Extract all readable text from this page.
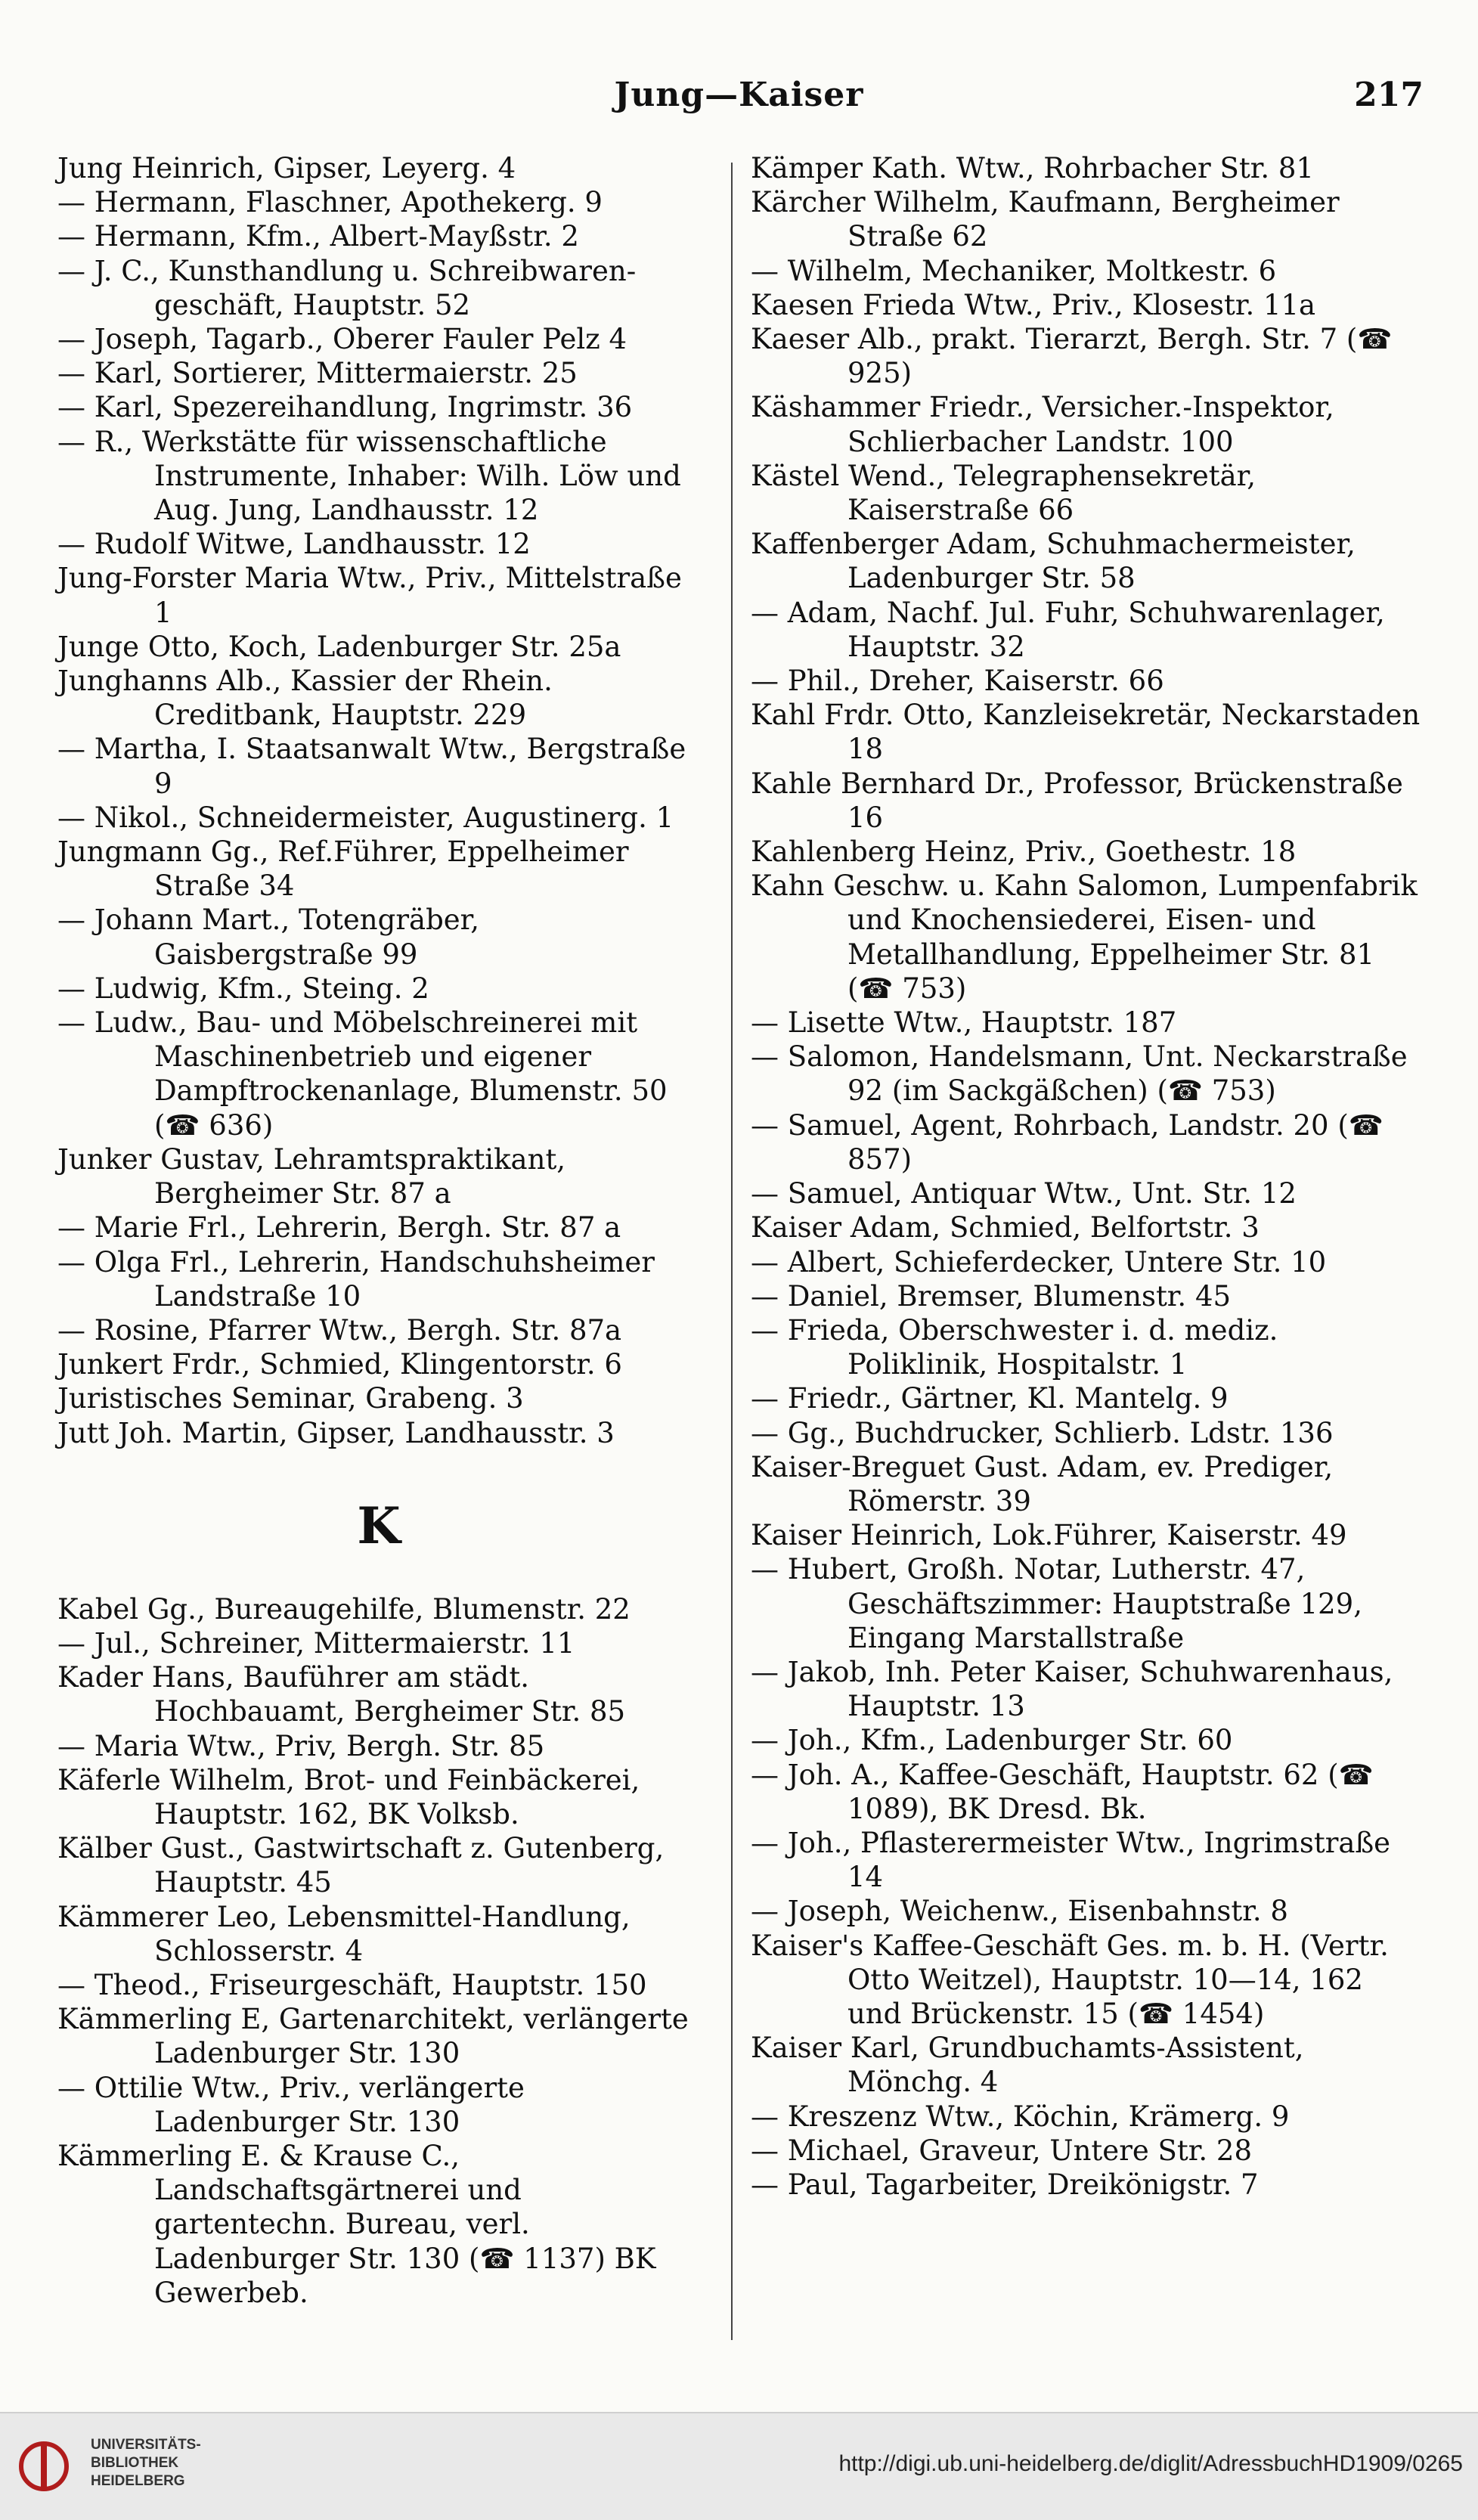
Jung—Kaiser	217

Jung Heinrich, Gipser, Leyerg. 4

— Hermann, Flaschner, Apothekerg. 9

— Hermann, Kfm., Albert-Mayßstr. 2

— J. C., Kunsthandlung u. Schreibwaren-geschäft, Hauptstr. 52

— Joseph, Tagarb., Oberer Fauler Pelz 4

— Karl, Sortierer, Mittermaierstr. 25

— Karl, Spezereihandlung, Ingrimstr. 36

— R., Werkstätte für wissenschaftliche Instrumente, Inhaber: Wilh. Löw und Aug. Jung, Landhausstr. 12

— Rudolf Witwe, Landhausstr. 12

Jung-Forster Maria Wtw., Priv., Mittelstraße 1

Junge Otto, Koch, Ladenburger Str. 25a

Junghanns Alb., Kassier der Rhein. Creditbank, Hauptstr. 229

— Martha, I. Staatsanwalt Wtw., Bergstraße 9

— Nikol., Schneidermeister, Augustinerg. 1

Jungmann Gg., Ref.Führer, Eppelheimer Straße 34

— Johann Mart., Totengräber, Gaisbergstraße 99

— Ludwig, Kfm., Steing. 2

— Ludw., Bau- und Möbelschreinerei mit Maschinenbetrieb und eigener Dampftrockenanlage, Blumenstr. 50 (☎ 636)

Junker Gustav, Lehramtspraktikant, Bergheimer Str. 87 a

— Marie Frl., Lehrerin, Bergh. Str. 87 a

— Olga Frl., Lehrerin, Handschuhsheimer Landstraße 10

— Rosine, Pfarrer Wtw., Bergh. Str. 87a

Junkert Frdr., Schmied, Klingentorstr. 6

Juristisches Seminar, Grabeng. 3

Jutt Joh. Martin, Gipser, Landhausstr. 3

K

Kabel Gg., Bureaugehilfe, Blumenstr. 22

— Jul., Schreiner, Mittermaierstr. 11

Kader Hans, Bauführer am städt. Hochbauamt, Bergheimer Str. 85

— Maria Wtw., Priv, Bergh. Str. 85

Käferle Wilhelm, Brot- und Feinbäckerei, Hauptstr. 162, BK Volksb.

Kälber Gust., Gastwirtschaft z. Gutenberg, Hauptstr. 45

Kämmerer Leo, Lebensmittel-Handlung, Schlosserstr. 4

— Theod., Friseurgeschäft, Hauptstr. 150

Kämmerling E, Gartenarchitekt, verlängerte Ladenburger Str. 130

— Ottilie Wtw., Priv., verlängerte Ladenburger Str. 130

Kämmerling E. & Krause C., Landschaftsgärtnerei und gartentechn. Bureau, verl. Ladenburger Str. 130 (☎ 1137) BK Gewerbeb.

Kämper Kath. Wtw., Rohrbacher Str. 81

Kärcher Wilhelm, Kaufmann, Bergheimer Straße 62

— Wilhelm, Mechaniker, Moltkestr. 6

Kaesen Frieda Wtw., Priv., Klosestr. 11a

Kaeser Alb., prakt. Tierarzt, Bergh. Str. 7 (☎ 925)

Käshammer Friedr., Versicher.-Inspektor, Schlierbacher Landstr. 100

Kästel Wend., Telegraphensekretär, Kaiserstraße 66

Kaffenberger Adam, Schuhmachermeister, Ladenburger Str. 58

— Adam, Nachf. Jul. Fuhr, Schuhwarenlager, Hauptstr. 32

— Phil., Dreher, Kaiserstr. 66

Kahl Frdr. Otto, Kanzleisekretär, Neckarstaden 18

Kahle Bernhard Dr., Professor, Brückenstraße 16

Kahlenberg Heinz, Priv., Goethestr. 18

Kahn Geschw. u. Kahn Salomon, Lumpenfabrik und Knochensiederei, Eisen- und Metallhandlung, Eppelheimer Str. 81 (☎ 753)

— Lisette Wtw., Hauptstr. 187

— Salomon, Handelsmann, Unt. Neckarstraße 92 (im Sackgäßchen) (☎ 753)

— Samuel, Agent, Rohrbach, Landstr. 20 (☎ 857)

— Samuel, Antiquar Wtw., Unt. Str. 12

Kaiser Adam, Schmied, Belfortstr. 3

— Albert, Schieferdecker, Untere Str. 10

— Daniel, Bremser, Blumenstr. 45

— Frieda, Oberschwester i. d. mediz. Poliklinik, Hospitalstr. 1

— Friedr., Gärtner, Kl. Mantelg. 9

— Gg., Buchdrucker, Schlierb. Ldstr. 136

Kaiser-Breguet Gust. Adam, ev. Prediger, Römerstr. 39

Kaiser Heinrich, Lok.Führer, Kaiserstr. 49

— Hubert, Großh. Notar, Lutherstr. 47, Geschäftszimmer: Hauptstraße 129, Eingang Marstallstraße

— Jakob, Inh. Peter Kaiser, Schuhwarenhaus, Hauptstr. 13

— Joh., Kfm., Ladenburger Str. 60

— Joh. A., Kaffee-Geschäft, Hauptstr. 62 (☎ 1089), BK Dresd. Bk.

— Joh., Pflasterermeister Wtw., Ingrimstraße 14

— Joseph, Weichenw., Eisenbahnstr. 8

Kaiser's Kaffee-Geschäft Ges. m. b. H. (Vertr. Otto Weitzel), Hauptstr. 10—14, 162 und Brückenstr. 15 (☎ 1454)

Kaiser Karl, Grundbuchamts-Assistent, Mönchg. 4

— Kreszenz Wtw., Köchin, Krämerg. 9

— Michael, Graveur, Untere Str. 28

— Paul, Tagarbeiter, Dreikönigstr. 7

UNIVERSITÄTS-
BIBLIOTHEK
HEIDELBERG
http://digi.ub.uni-heidelberg.de/diglit/AdressbuchHD1909/0265
